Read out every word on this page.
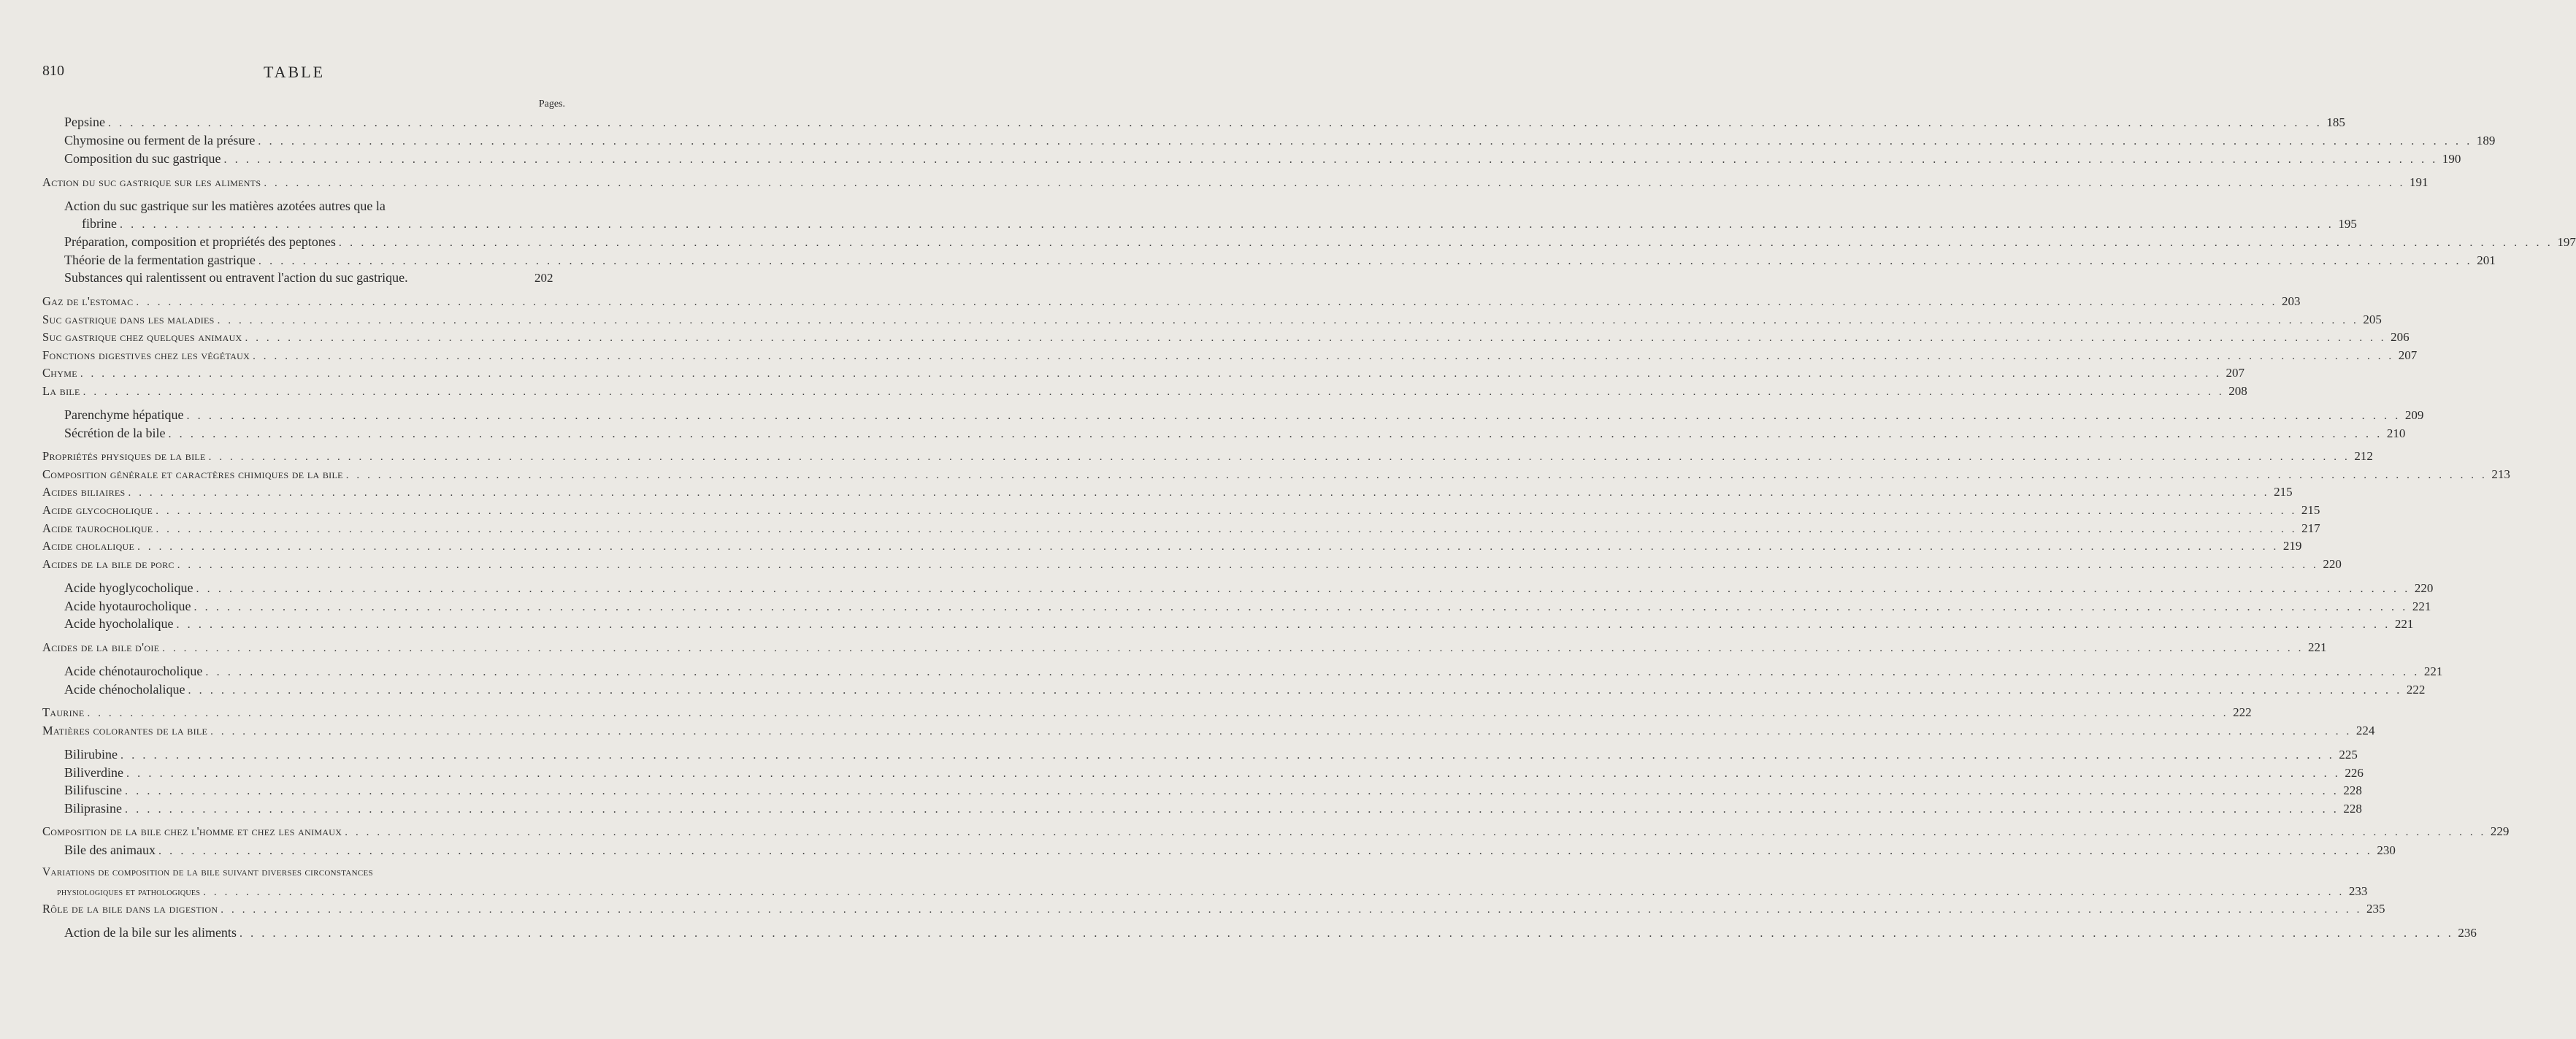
810	TABLE
Pages.
Pepsine . . . . . . . . . . . . . . . . . . . . . . . . . . . . . . . . . . . . . . . . . . . . . . . . . . . . . . . . . . . . . . . . . . . . . . . . . . . . . . . . . . . . . . . . . . . . . . . . . . . . . . . . . . . . . . . . . . . . . . . . . . . . . . . . . . . . . . . . . . . . . . . . . . . . . . . . . . . . . . . . . . . . . . . . . . . . . . . . . . . . . . . . . . . . . . . . . . . . . . . . 185
Chymosine ou ferment de la présure . . . . . . . . . . . . . . . . . . . . . . . . . . . . . . . . . . . . . . . . . . . . . . . . . . . . . . . . . . . . . . . . . . . . . . . . . . . . . . . . . . . . . . . . . . . . . . . . . . . . . . . . . . . . . . . . . . . . . . . . . . . . . . . . . . . . . . . . . . . . . . . . . . . . . . . . . . . . . . . . . . . . . . . . . . . . . . . . . . . . . . . . . . . . . . . . . . . . . . . . 189
Composition du suc gastrique . . . . . . . . . . . . . . . . . . . . . . . . . . . . . . . . . . . . . . . . . . . . . . . . . . . . . . . . . . . . . . . . . . . . . . . . . . . . . . . . . . . . . . . . . . . . . . . . . . . . . . . . . . . . . . . . . . . . . . . . . . . . . . . . . . . . . . . . . . . . . . . . . . . . . . . . . . . . . . . . . . . . . . . . . . . . . . . . . . . . . . . . . . . . . . . . . . . . . . . . 190
Action du suc gastrique sur les aliments . . . . . . . . . . . . . . . . . . . . . . . . . . . . . . . . . . . . . . . . . . . . . . . . . . . . . . . . . . . . . . . . . . . . . . . . . . . . . . . . . . . . . . . . . . . . . . . . . . . . . . . . . . . . . . . . . . . . . . . . . . . . . . . . . . . . . . . . . . . . . . . . . . . . . . . . . . . . . . . . . . . . . . . . . . . . . . . . . . . . . . . . . . . . . . . . . . . . . . . . 191
Action du suc gastrique sur les matières azotées autres que la
fibrine . . . . . . . . . . . . . . . . . . . . . . . . . . . . . . . . . . . . . . . . . . . . . . . . . . . . . . . . . . . . . . . . . . . . . . . . . . . . . . . . . . . . . . . . . . . . . . . . . . . . . . . . . . . . . . . . . . . . . . . . . . . . . . . . . . . . . . . . . . . . . . . . . . . . . . . . . . . . . . . . . . . . . . . . . . . . . . . . . . . . . . . . . . . . . . . . . . . . . . . . 195
Préparation, composition et propriétés des peptones . . . . . . . . . . . . . . . . . . . . . . . . . . . . . . . . . . . . . . . . . . . . . . . . . . . . . . . . . . . . . . . . . . . . . . . . . . . . . . . . . . . . . . . . . . . . . . . . . . . . . . . . . . . . . . . . . . . . . . . . . . . . . . . . . . . . . . . . . . . . . . . . . . . . . . . . . . . . . . . . . . . . . . . . . . . . . . . . . . . . . . . . . . . . . . . . . . . . . . . . 197
Théorie de la fermentation gastrique . . . . . . . . . . . . . . . . . . . . . . . . . . . . . . . . . . . . . . . . . . . . . . . . . . . . . . . . . . . . . . . . . . . . . . . . . . . . . . . . . . . . . . . . . . . . . . . . . . . . . . . . . . . . . . . . . . . . . . . . . . . . . . . . . . . . . . . . . . . . . . . . . . . . . . . . . . . . . . . . . . . . . . . . . . . . . . . . . . . . . . . . . . . . . . . . . . . . . . . . 201
Substances qui ralentissent ou entravent l'action du suc gastrique.	202
Gaz de l'estomac . . . . . . . . . . . . . . . . . . . . . . . . . . . . . . . . . . . . . . . . . . . . . . . . . . . . . . . . . . . . . . . . . . . . . . . . . . . . . . . . . . . . . . . . . . . . . . . . . . . . . . . . . . . . . . . . . . . . . . . . . . . . . . . . . . . . . . . . . . . . . . . . . . . . . . . . . . . . . . . . . . . . . . . . . . . . . . . . . . . . . . . . . . . . . . . . . . . . . . . . 203
Suc gastrique dans les maladies . . . . . . . . . . . . . . . . . . . . . . . . . . . . . . . . . . . . . . . . . . . . . . . . . . . . . . . . . . . . . . . . . . . . . . . . . . . . . . . . . . . . . . . . . . . . . . . . . . . . . . . . . . . . . . . . . . . . . . . . . . . . . . . . . . . . . . . . . . . . . . . . . . . . . . . . . . . . . . . . . . . . . . . . . . . . . . . . . . . . . . . . . . . . . . . . . . . . . . . . 205
Suc gastrique chez quelques animaux . . . . . . . . . . . . . . . . . . . . . . . . . . . . . . . . . . . . . . . . . . . . . . . . . . . . . . . . . . . . . . . . . . . . . . . . . . . . . . . . . . . . . . . . . . . . . . . . . . . . . . . . . . . . . . . . . . . . . . . . . . . . . . . . . . . . . . . . . . . . . . . . . . . . . . . . . . . . . . . . . . . . . . . . . . . . . . . . . . . . . . . . . . . . . . . . . . . . . . . . 206
Fonctions digestives chez les végétaux . . . . . . . . . . . . . . . . . . . . . . . . . . . . . . . . . . . . . . . . . . . . . . . . . . . . . . . . . . . . . . . . . . . . . . . . . . . . . . . . . . . . . . . . . . . . . . . . . . . . . . . . . . . . . . . . . . . . . . . . . . . . . . . . . . . . . . . . . . . . . . . . . . . . . . . . . . . . . . . . . . . . . . . . . . . . . . . . . . . . . . . . . . . . . . . . . . . . . . . . 207
Chyme . . . . . . . . . . . . . . . . . . . . . . . . . . . . . . . . . . . . . . . . . . . . . . . . . . . . . . . . . . . . . . . . . . . . . . . . . . . . . . . . . . . . . . . . . . . . . . . . . . . . . . . . . . . . . . . . . . . . . . . . . . . . . . . . . . . . . . . . . . . . . . . . . . . . . . . . . . . . . . . . . . . . . . . . . . . . . . . . . . . . . . . . . . . . . . . . . . . . . . . . 207
La bile . . . . . . . . . . . . . . . . . . . . . . . . . . . . . . . . . . . . . . . . . . . . . . . . . . . . . . . . . . . . . . . . . . . . . . . . . . . . . . . . . . . . . . . . . . . . . . . . . . . . . . . . . . . . . . . . . . . . . . . . . . . . . . . . . . . . . . . . . . . . . . . . . . . . . . . . . . . . . . . . . . . . . . . . . . . . . . . . . . . . . . . . . . . . . . . . . . . . . . . . 208
Parenchyme hépatique . . . . . . . . . . . . . . . . . . . . . . . . . . . . . . . . . . . . . . . . . . . . . . . . . . . . . . . . . . . . . . . . . . . . . . . . . . . . . . . . . . . . . . . . . . . . . . . . . . . . . . . . . . . . . . . . . . . . . . . . . . . . . . . . . . . . . . . . . . . . . . . . . . . . . . . . . . . . . . . . . . . . . . . . . . . . . . . . . . . . . . . . . . . . . . . . . . . . . . . . 209
Sécrétion de la bile . . . . . . . . . . . . . . . . . . . . . . . . . . . . . . . . . . . . . . . . . . . . . . . . . . . . . . . . . . . . . . . . . . . . . . . . . . . . . . . . . . . . . . . . . . . . . . . . . . . . . . . . . . . . . . . . . . . . . . . . . . . . . . . . . . . . . . . . . . . . . . . . . . . . . . . . . . . . . . . . . . . . . . . . . . . . . . . . . . . . . . . . . . . . . . . . . . . . . . . . 210
Propriétés physiques de la bile . . . . . . . . . . . . . . . . . . . . . . . . . . . . . . . . . . . . . . . . . . . . . . . . . . . . . . . . . . . . . . . . . . . . . . . . . . . . . . . . . . . . . . . . . . . . . . . . . . . . . . . . . . . . . . . . . . . . . . . . . . . . . . . . . . . . . . . . . . . . . . . . . . . . . . . . . . . . . . . . . . . . . . . . . . . . . . . . . . . . . . . . . . . . . . . . . . . . . . . . 212
Composition générale et caractères chimiques de la bile . . . . . . . . . . . . . . . . . . . . . . . . . . . . . . . . . . . . . . . . . . . . . . . . . . . . . . . . . . . . . . . . . . . . . . . . . . . . . . . . . . . . . . . . . . . . . . . . . . . . . . . . . . . . . . . . . . . . . . . . . . . . . . . . . . . . . . . . . . . . . . . . . . . . . . . . . . . . . . . . . . . . . . . . . . . . . . . . . . . . . . . . . . . . . . . . . . . . . . . . 213
Acides biliaires . . . . . . . . . . . . . . . . . . . . . . . . . . . . . . . . . . . . . . . . . . . . . . . . . . . . . . . . . . . . . . . . . . . . . . . . . . . . . . . . . . . . . . . . . . . . . . . . . . . . . . . . . . . . . . . . . . . . . . . . . . . . . . . . . . . . . . . . . . . . . . . . . . . . . . . . . . . . . . . . . . . . . . . . . . . . . . . . . . . . . . . . . . . . . . . . . . . . . . . . 215
Acide glycocholique . . . . . . . . . . . . . . . . . . . . . . . . . . . . . . . . . . . . . . . . . . . . . . . . . . . . . . . . . . . . . . . . . . . . . . . . . . . . . . . . . . . . . . . . . . . . . . . . . . . . . . . . . . . . . . . . . . . . . . . . . . . . . . . . . . . . . . . . . . . . . . . . . . . . . . . . . . . . . . . . . . . . . . . . . . . . . . . . . . . . . . . . . . . . . . . . . . . . . . . . 215
Acide taurocholique . . . . . . . . . . . . . . . . . . . . . . . . . . . . . . . . . . . . . . . . . . . . . . . . . . . . . . . . . . . . . . . . . . . . . . . . . . . . . . . . . . . . . . . . . . . . . . . . . . . . . . . . . . . . . . . . . . . . . . . . . . . . . . . . . . . . . . . . . . . . . . . . . . . . . . . . . . . . . . . . . . . . . . . . . . . . . . . . . . . . . . . . . . . . . . . . . . . . . . . . 217
Acide cholalique . . . . . . . . . . . . . . . . . . . . . . . . . . . . . . . . . . . . . . . . . . . . . . . . . . . . . . . . . . . . . . . . . . . . . . . . . . . . . . . . . . . . . . . . . . . . . . . . . . . . . . . . . . . . . . . . . . . . . . . . . . . . . . . . . . . . . . . . . . . . . . . . . . . . . . . . . . . . . . . . . . . . . . . . . . . . . . . . . . . . . . . . . . . . . . . . . . . . . . . . 219
Acides de la bile de porc . . . . . . . . . . . . . . . . . . . . . . . . . . . . . . . . . . . . . . . . . . . . . . . . . . . . . . . . . . . . . . . . . . . . . . . . . . . . . . . . . . . . . . . . . . . . . . . . . . . . . . . . . . . . . . . . . . . . . . . . . . . . . . . . . . . . . . . . . . . . . . . . . . . . . . . . . . . . . . . . . . . . . . . . . . . . . . . . . . . . . . . . . . . . . . . . . . . . . . . . 220
Acide hyoglycocholique . . . . . . . . . . . . . . . . . . . . . . . . . . . . . . . . . . . . . . . . . . . . . . . . . . . . . . . . . . . . . . . . . . . . . . . . . . . . . . . . . . . . . . . . . . . . . . . . . . . . . . . . . . . . . . . . . . . . . . . . . . . . . . . . . . . . . . . . . . . . . . . . . . . . . . . . . . . . . . . . . . . . . . . . . . . . . . . . . . . . . . . . . . . . . . . . . . . . . . . . 220
Acide hyotaurocholique . . . . . . . . . . . . . . . . . . . . . . . . . . . . . . . . . . . . . . . . . . . . . . . . . . . . . . . . . . . . . . . . . . . . . . . . . . . . . . . . . . . . . . . . . . . . . . . . . . . . . . . . . . . . . . . . . . . . . . . . . . . . . . . . . . . . . . . . . . . . . . . . . . . . . . . . . . . . . . . . . . . . . . . . . . . . . . . . . . . . . . . . . . . . . . . . . . . . . . . . 221
Acide hyocholalique . . . . . . . . . . . . . . . . . . . . . . . . . . . . . . . . . . . . . . . . . . . . . . . . . . . . . . . . . . . . . . . . . . . . . . . . . . . . . . . . . . . . . . . . . . . . . . . . . . . . . . . . . . . . . . . . . . . . . . . . . . . . . . . . . . . . . . . . . . . . . . . . . . . . . . . . . . . . . . . . . . . . . . . . . . . . . . . . . . . . . . . . . . . . . . . . . . . . . . . . 221
Acides de la bile d'oie . . . . . . . . . . . . . . . . . . . . . . . . . . . . . . . . . . . . . . . . . . . . . . . . . . . . . . . . . . . . . . . . . . . . . . . . . . . . . . . . . . . . . . . . . . . . . . . . . . . . . . . . . . . . . . . . . . . . . . . . . . . . . . . . . . . . . . . . . . . . . . . . . . . . . . . . . . . . . . . . . . . . . . . . . . . . . . . . . . . . . . . . . . . . . . . . . . . . . . . . 221
Acide chénotaurocholique . . . . . . . . . . . . . . . . . . . . . . . . . . . . . . . . . . . . . . . . . . . . . . . . . . . . . . . . . . . . . . . . . . . . . . . . . . . . . . . . . . . . . . . . . . . . . . . . . . . . . . . . . . . . . . . . . . . . . . . . . . . . . . . . . . . . . . . . . . . . . . . . . . . . . . . . . . . . . . . . . . . . . . . . . . . . . . . . . . . . . . . . . . . . . . . . . . . . . . . . 221
Acide chénocholalique . . . . . . . . . . . . . . . . . . . . . . . . . . . . . . . . . . . . . . . . . . . . . . . . . . . . . . . . . . . . . . . . . . . . . . . . . . . . . . . . . . . . . . . . . . . . . . . . . . . . . . . . . . . . . . . . . . . . . . . . . . . . . . . . . . . . . . . . . . . . . . . . . . . . . . . . . . . . . . . . . . . . . . . . . . . . . . . . . . . . . . . . . . . . . . . . . . . . . . . . 222
Taurine . . . . . . . . . . . . . . . . . . . . . . . . . . . . . . . . . . . . . . . . . . . . . . . . . . . . . . . . . . . . . . . . . . . . . . . . . . . . . . . . . . . . . . . . . . . . . . . . . . . . . . . . . . . . . . . . . . . . . . . . . . . . . . . . . . . . . . . . . . . . . . . . . . . . . . . . . . . . . . . . . . . . . . . . . . . . . . . . . . . . . . . . . . . . . . . . . . . . . . . . 222
Matières colorantes de la bile . . . . . . . . . . . . . . . . . . . . . . . . . . . . . . . . . . . . . . . . . . . . . . . . . . . . . . . . . . . . . . . . . . . . . . . . . . . . . . . . . . . . . . . . . . . . . . . . . . . . . . . . . . . . . . . . . . . . . . . . . . . . . . . . . . . . . . . . . . . . . . . . . . . . . . . . . . . . . . . . . . . . . . . . . . . . . . . . . . . . . . . . . . . . . . . . . . . . . . . . 224
Bilirubine . . . . . . . . . . . . . . . . . . . . . . . . . . . . . . . . . . . . . . . . . . . . . . . . . . . . . . . . . . . . . . . . . . . . . . . . . . . . . . . . . . . . . . . . . . . . . . . . . . . . . . . . . . . . . . . . . . . . . . . . . . . . . . . . . . . . . . . . . . . . . . . . . . . . . . . . . . . . . . . . . . . . . . . . . . . . . . . . . . . . . . . . . . . . . . . . . . . . . . . . 225
Biliverdine . . . . . . . . . . . . . . . . . . . . . . . . . . . . . . . . . . . . . . . . . . . . . . . . . . . . . . . . . . . . . . . . . . . . . . . . . . . . . . . . . . . . . . . . . . . . . . . . . . . . . . . . . . . . . . . . . . . . . . . . . . . . . . . . . . . . . . . . . . . . . . . . . . . . . . . . . . . . . . . . . . . . . . . . . . . . . . . . . . . . . . . . . . . . . . . . . . . . . . . . 226
Bilifuscine . . . . . . . . . . . . . . . . . . . . . . . . . . . . . . . . . . . . . . . . . . . . . . . . . . . . . . . . . . . . . . . . . . . . . . . . . . . . . . . . . . . . . . . . . . . . . . . . . . . . . . . . . . . . . . . . . . . . . . . . . . . . . . . . . . . . . . . . . . . . . . . . . . . . . . . . . . . . . . . . . . . . . . . . . . . . . . . . . . . . . . . . . . . . . . . . . . . . . . . . 228
Biliprasine . . . . . . . . . . . . . . . . . . . . . . . . . . . . . . . . . . . . . . . . . . . . . . . . . . . . . . . . . . . . . . . . . . . . . . . . . . . . . . . . . . . . . . . . . . . . . . . . . . . . . . . . . . . . . . . . . . . . . . . . . . . . . . . . . . . . . . . . . . . . . . . . . . . . . . . . . . . . . . . . . . . . . . . . . . . . . . . . . . . . . . . . . . . . . . . . . . . . . . . . 228
Composition de la bile chez l'homme et chez les animaux . . . . . . . . . . . . . . . . . . . . . . . . . . . . . . . . . . . . . . . . . . . . . . . . . . . . . . . . . . . . . . . . . . . . . . . . . . . . . . . . . . . . . . . . . . . . . . . . . . . . . . . . . . . . . . . . . . . . . . . . . . . . . . . . . . . . . . . . . . . . . . . . . . . . . . . . . . . . . . . . . . . . . . . . . . . . . . . . . . . . . . . . . . . . . . . . . . . . . . . . 229
Bile des animaux . . . . . . . . . . . . . . . . . . . . . . . . . . . . . . . . . . . . . . . . . . . . . . . . . . . . . . . . . . . . . . . . . . . . . . . . . . . . . . . . . . . . . . . . . . . . . . . . . . . . . . . . . . . . . . . . . . . . . . . . . . . . . . . . . . . . . . . . . . . . . . . . . . . . . . . . . . . . . . . . . . . . . . . . . . . . . . . . . . . . . . . . . . . . . . . . . . . . . . . . 230
Variations de composition de la bile suivant diverses circonstances
physiologiques et pathologiques . . . . . . . . . . . . . . . . . . . . . . . . . . . . . . . . . . . . . . . . . . . . . . . . . . . . . . . . . . . . . . . . . . . . . . . . . . . . . . . . . . . . . . . . . . . . . . . . . . . . . . . . . . . . . . . . . . . . . . . . . . . . . . . . . . . . . . . . . . . . . . . . . . . . . . . . . . . . . . . . . . . . . . . . . . . . . . . . . . . . . . . . . . . . . . . . . . . . . . . . 233
Rôle de la bile dans la digestion . . . . . . . . . . . . . . . . . . . . . . . . . . . . . . . . . . . . . . . . . . . . . . . . . . . . . . . . . . . . . . . . . . . . . . . . . . . . . . . . . . . . . . . . . . . . . . . . . . . . . . . . . . . . . . . . . . . . . . . . . . . . . . . . . . . . . . . . . . . . . . . . . . . . . . . . . . . . . . . . . . . . . . . . . . . . . . . . . . . . . . . . . . . . . . . . . . . . . . . . 235
Action de la bile sur les aliments . . . . . . . . . . . . . . . . . . . . . . . . . . . . . . . . . . . . . . . . . . . . . . . . . . . . . . . . . . . . . . . . . . . . . . . . . . . . . . . . . . . . . . . . . . . . . . . . . . . . . . . . . . . . . . . . . . . . . . . . . . . . . . . . . . . . . . . . . . . . . . . . . . . . . . . . . . . . . . . . . . . . . . . . . . . . . . . . . . . . . . . . . . . . . . . . . . . . . . . . 236
